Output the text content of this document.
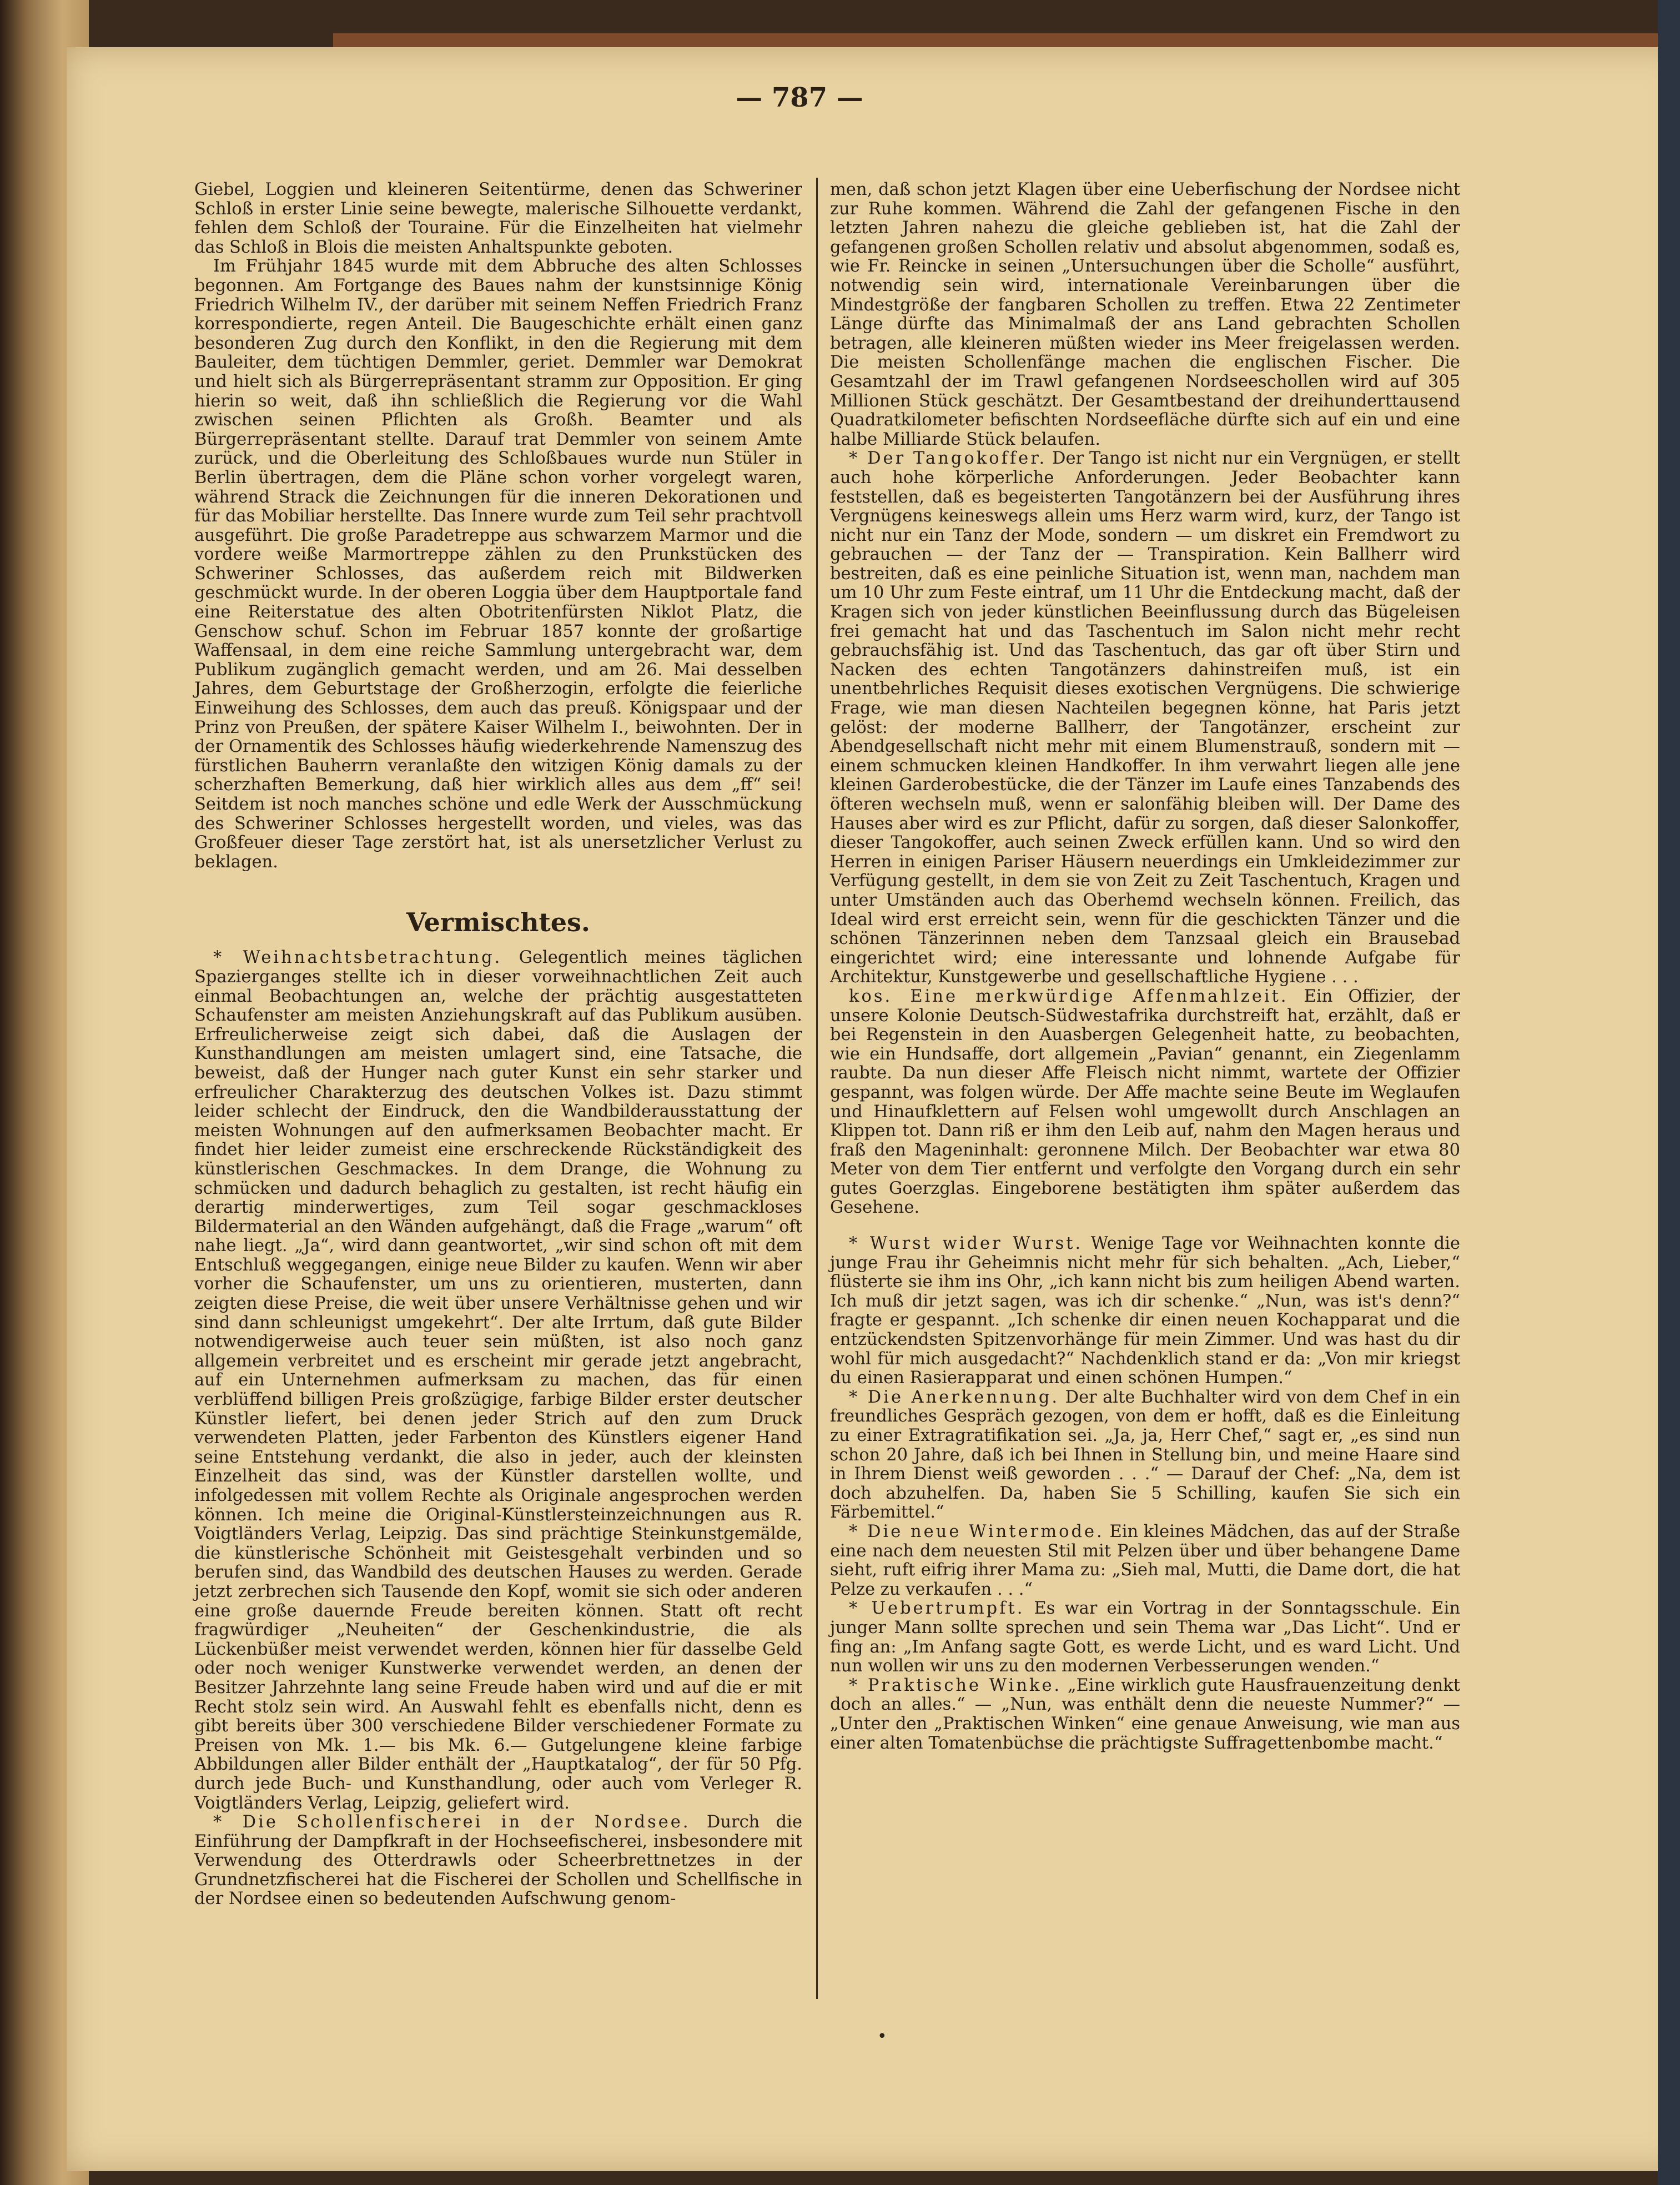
— 787 —

Giebel, Loggien und kleineren Seitentürme, denen das Schweriner Schloß in erster Linie seine bewegte, malerische Silhouette verdankt, fehlen dem Schloß der Touraine. Für die Einzelheiten hat vielmehr das Schloß in Blois die meisten Anhaltspunkte geboten.

Im Frühjahr 1845 wurde mit dem Abbruche des alten Schlosses begonnen. Am Fortgange des Baues nahm der kunstsinnige König Friedrich Wilhelm IV., der darüber mit seinem Neffen Friedrich Franz korrespondierte, regen Anteil. Die Baugeschichte erhält einen ganz besonderen Zug durch den Konflikt, in den die Regierung mit dem Bauleiter, dem tüchtigen Demmler, geriet. Demmler war Demokrat und hielt sich als Bürgerrepräsentant stramm zur Opposition. Er ging hierin so weit, daß ihn schließlich die Regierung vor die Wahl zwischen seinen Pflichten als Großh. Beamter und als Bürgerrepräsentant stellte. Darauf trat Demmler von seinem Amte zurück, und die Oberleitung des Schloßbaues wurde nun Stüler in Berlin übertragen, dem die Pläne schon vorher vorgelegt waren, während Strack die Zeichnungen für die inneren Dekorationen und für das Mobiliar herstellte. Das Innere wurde zum Teil sehr prachtvoll ausgeführt. Die große Paradetreppe aus schwarzem Marmor und die vordere weiße Marmortreppe zählen zu den Prunkstücken des Schweriner Schlosses, das außerdem reich mit Bildwerken geschmückt wurde. In der oberen Loggia über dem Hauptportale fand eine Reiterstatue des alten Obotritenfürsten Niklot Platz, die Genschow schuf. Schon im Februar 1857 konnte der großartige Waffensaal, in dem eine reiche Sammlung untergebracht war, dem Publikum zugänglich gemacht werden, und am 26. Mai desselben Jahres, dem Geburtstage der Großherzogin, erfolgte die feierliche Einweihung des Schlosses, dem auch das preuß. Königspaar und der Prinz von Preußen, der spätere Kaiser Wilhelm I., beiwohnten. Der in der Ornamentik des Schlosses häufig wiederkehrende Namenszug des fürstlichen Bauherrn veranlaßte den witzigen König damals zu der scherzhaften Bemerkung, daß hier wirklich alles aus dem „ff“ sei! Seitdem ist noch manches schöne und edle Werk der Ausschmückung des Schweriner Schlosses hergestellt worden, und vieles, was das Großfeuer dieser Tage zerstört hat, ist als unersetzlicher Verlust zu beklagen.

Vermischtes.

* Weihnachtsbetrachtung. Gelegentlich meines täglichen Spazierganges stellte ich in dieser vorweihnachtlichen Zeit auch einmal Beobachtungen an, welche der prächtig ausgestatteten Schaufenster am meisten Anziehungskraft auf das Publikum ausüben. Erfreulicherweise zeigt sich dabei, daß die Auslagen der Kunsthandlungen am meisten umlagert sind, eine Tatsache, die beweist, daß der Hunger nach guter Kunst ein sehr starker und erfreulicher Charakterzug des deutschen Volkes ist. Dazu stimmt leider schlecht der Eindruck, den die Wandbilderausstattung der meisten Wohnungen auf den aufmerksamen Beobachter macht. Er findet hier leider zumeist eine erschreckende Rückständigkeit des künstlerischen Geschmackes. In dem Drange, die Wohnung zu schmücken und dadurch behaglich zu gestalten, ist recht häufig ein derartig minderwertiges, zum Teil sogar geschmackloses Bildermaterial an den Wänden aufgehängt, daß die Frage „warum“ oft nahe liegt. „Ja“, wird dann geantwortet, „wir sind schon oft mit dem Entschluß weggegangen, einige neue Bilder zu kaufen. Wenn wir aber vorher die Schaufenster, um uns zu orientieren, musterten, dann zeigten diese Preise, die weit über unsere Verhältnisse gehen und wir sind dann schleunigst umgekehrt“. Der alte Irrtum, daß gute Bilder notwendigerweise auch teuer sein müßten, ist also noch ganz allgemein verbreitet und es erscheint mir gerade jetzt angebracht, auf ein Unternehmen aufmerksam zu machen, das für einen verblüffend billigen Preis großzügige, farbige Bilder erster deutscher Künstler liefert, bei denen jeder Strich auf den zum Druck verwendeten Platten, jeder Farbenton des Künstlers eigener Hand seine Entstehung verdankt, die also in jeder, auch der kleinsten Einzelheit das sind, was der Künstler darstellen wollte, und infolgedessen mit vollem Rechte als Originale angesprochen werden können. Ich meine die Original-Künstlersteinzeichnungen aus R. Voigtländers Verlag, Leipzig. Das sind prächtige Steinkunstgemälde, die künstlerische Schönheit mit Geistesgehalt verbinden und so berufen sind, das Wandbild des deutschen Hauses zu werden. Gerade jetzt zerbrechen sich Tausende den Kopf, womit sie sich oder anderen eine große dauernde Freude bereiten können. Statt oft recht fragwürdiger „Neuheiten“ der Geschenkindustrie, die als Lückenbüßer meist verwendet werden, können hier für dasselbe Geld oder noch weniger Kunstwerke verwendet werden, an denen der Besitzer Jahrzehnte lang seine Freude haben wird und auf die er mit Recht stolz sein wird. An Auswahl fehlt es ebenfalls nicht, denn es gibt bereits über 300 verschiedene Bilder verschiedener Formate zu Preisen von Mk. 1.— bis Mk. 6.— Gutgelungene kleine farbige Abbildungen aller Bilder enthält der „Hauptkatalog“, der für 50 Pfg. durch jede Buch- und Kunsthandlung, oder auch vom Verleger R. Voigtländers Verlag, Leipzig, geliefert wird.

* Die Schollenfischerei in der Nordsee. Durch die Einführung der Dampfkraft in der Hochseefischerei, insbesondere mit Verwendung des Otterdrawls oder Scheerbrettnetzes in der Grundnetzfischerei hat die Fischerei der Schollen und Schellfische in der Nordsee einen so bedeutenden Aufschwung genom-

men, daß schon jetzt Klagen über eine Ueberfischung der Nordsee nicht zur Ruhe kommen. Während die Zahl der gefangenen Fische in den letzten Jahren nahezu die gleiche geblieben ist, hat die Zahl der gefangenen großen Schollen relativ und absolut abgenommen, sodaß es, wie Fr. Reincke in seinen „Untersuchungen über die Scholle“ ausführt, notwendig sein wird, internationale Vereinbarungen über die Mindestgröße der fangbaren Schollen zu treffen. Etwa 22 Zentimeter Länge dürfte das Minimalmaß der ans Land gebrachten Schollen betragen, alle kleineren müßten wieder ins Meer freigelassen werden. Die meisten Schollenfänge machen die englischen Fischer. Die Gesamtzahl der im Trawl gefangenen Nordseeschollen wird auf 305 Millionen Stück geschätzt. Der Gesamtbestand der dreihunderttausend Quadratkilometer befischten Nordseefläche dürfte sich auf ein und eine halbe Milliarde Stück belaufen.

* Der Tangokoffer. Der Tango ist nicht nur ein Vergnügen, er stellt auch hohe körperliche Anforderungen. Jeder Beobachter kann feststellen, daß es begeisterten Tangotänzern bei der Ausführung ihres Vergnügens keineswegs allein ums Herz warm wird, kurz, der Tango ist nicht nur ein Tanz der Mode, sondern — um diskret ein Fremdwort zu gebrauchen — der Tanz der — Transpiration. Kein Ballherr wird bestreiten, daß es eine peinliche Situation ist, wenn man, nachdem man um 10 Uhr zum Feste eintraf, um 11 Uhr die Entdeckung macht, daß der Kragen sich von jeder künstlichen Beeinflussung durch das Bügeleisen frei gemacht hat und das Taschentuch im Salon nicht mehr recht gebrauchsfähig ist. Und das Taschentuch, das gar oft über Stirn und Nacken des echten Tangotänzers dahinstreifen muß, ist ein unentbehrliches Requisit dieses exotischen Vergnügens. Die schwierige Frage, wie man diesen Nachteilen begegnen könne, hat Paris jetzt gelöst: der moderne Ballherr, der Tangotänzer, erscheint zur Abendgesellschaft nicht mehr mit einem Blumenstrauß, sondern mit — einem schmucken kleinen Handkoffer. In ihm verwahrt liegen alle jene kleinen Garderobestücke, die der Tänzer im Laufe eines Tanzabends des öfteren wechseln muß, wenn er salonfähig bleiben will. Der Dame des Hauses aber wird es zur Pflicht, dafür zu sorgen, daß dieser Salonkoffer, dieser Tangokoffer, auch seinen Zweck erfüllen kann. Und so wird den Herren in einigen Pariser Häusern neuerdings ein Umkleidezimmer zur Verfügung gestellt, in dem sie von Zeit zu Zeit Taschentuch, Kragen und unter Umständen auch das Oberhemd wechseln können. Freilich, das Ideal wird erst erreicht sein, wenn für die geschickten Tänzer und die schönen Tänzerinnen neben dem Tanzsaal gleich ein Brausebad eingerichtet wird; eine interessante und lohnende Aufgabe für Architektur, Kunstgewerbe und gesellschaftliche Hygiene . . .

kos. Eine merkwürdige Affenmahlzeit. Ein Offizier, der unsere Kolonie Deutsch-Südwestafrika durchstreift hat, erzählt, daß er bei Regenstein in den Auasbergen Gelegenheit hatte, zu beobachten, wie ein Hundsaffe, dort allgemein „Pavian“ genannt, ein Ziegenlamm raubte. Da nun dieser Affe Fleisch nicht nimmt, wartete der Offizier gespannt, was folgen würde. Der Affe machte seine Beute im Weglaufen und Hinaufklettern auf Felsen wohl umgewollt durch Anschlagen an Klippen tot. Dann riß er ihm den Leib auf, nahm den Magen heraus und fraß den Mageninhalt: geronnene Milch. Der Beobachter war etwa 80 Meter von dem Tier entfernt und verfolgte den Vorgang durch ein sehr gutes Goerzglas. Eingeborene bestätigten ihm später außerdem das Gesehene.

* Wurst wider Wurst. Wenige Tage vor Weihnachten konnte die junge Frau ihr Geheimnis nicht mehr für sich behalten. „Ach, Lieber,“ flüsterte sie ihm ins Ohr, „ich kann nicht bis zum heiligen Abend warten. Ich muß dir jetzt sagen, was ich dir schenke.“ „Nun, was ist's denn?“ fragte er gespannt. „Ich schenke dir einen neuen Kochapparat und die entzückendsten Spitzenvorhänge für mein Zimmer. Und was hast du dir wohl für mich ausgedacht?“ Nachdenklich stand er da: „Von mir kriegst du einen Rasierapparat und einen schönen Humpen.“

* Die Anerkennung. Der alte Buchhalter wird von dem Chef in ein freundliches Gespräch gezogen, von dem er hofft, daß es die Einleitung zu einer Extragratifikation sei. „Ja, ja, Herr Chef,“ sagt er, „es sind nun schon 20 Jahre, daß ich bei Ihnen in Stellung bin, und meine Haare sind in Ihrem Dienst weiß geworden . . .“ — Darauf der Chef: „Na, dem ist doch abzuhelfen. Da, haben Sie 5 Schilling, kaufen Sie sich ein Färbemittel.“

* Die neue Wintermode. Ein kleines Mädchen, das auf der Straße eine nach dem neuesten Stil mit Pelzen über und über behangene Dame sieht, ruft eifrig ihrer Mama zu: „Sieh mal, Mutti, die Dame dort, die hat Pelze zu verkaufen . . .“

* Uebertrumpft. Es war ein Vortrag in der Sonntagsschule. Ein junger Mann sollte sprechen und sein Thema war „Das Licht“. Und er fing an: „Im Anfang sagte Gott, es werde Licht, und es ward Licht. Und nun wollen wir uns zu den modernen Verbesserungen wenden.“

* Praktische Winke. „Eine wirklich gute Hausfrauenzeitung denkt doch an alles.“ — „Nun, was enthält denn die neueste Nummer?“ — „Unter den „Praktischen Winken“ eine genaue Anweisung, wie man aus einer alten Tomatenbüchse die prächtigste Suffragettenbombe macht.“

•
